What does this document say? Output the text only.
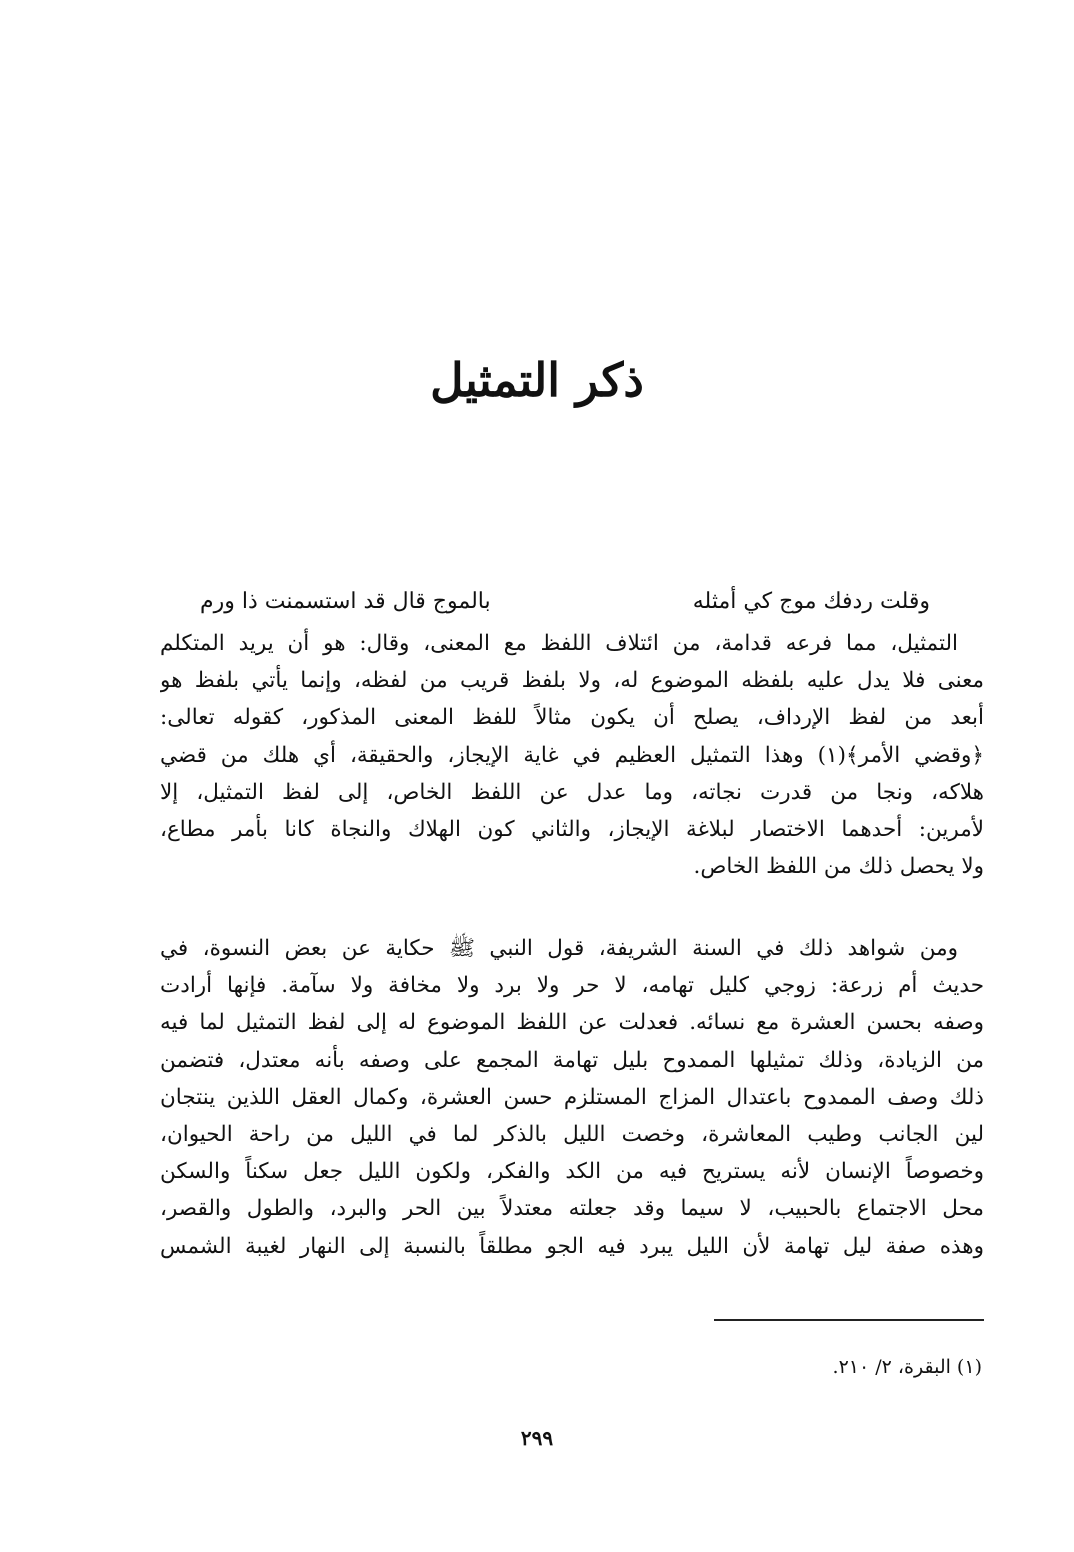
ذكر التمثيل
وقلت ردفك موج كي أمثله
بالموج قال قد استسمنت ذا ورم
التمثيل، مما فرعه قدامة، من ائتلاف اللفظ مع المعنى، وقال: هو أن يريد المتكلم
معنى فلا يدل عليه بلفظه الموضوع له، ولا بلفظ قريب من لفظه، وإنما يأتي بلفظ هو
أبعد من لفظ الإرداف، يصلح أن يكون مثالاً للفظ المعنى المذكور، كقوله تعالى:
﴿وقضي الأمر﴾(١) وهذا التمثيل العظيم في غاية الإيجاز، والحقيقة، أي هلك من قضي
هلاكه، ونجا من قدرت نجاته، وما عدل عن اللفظ الخاص، إلى لفظ التمثيل، إلا
لأمرين: أحدهما الاختصار لبلاغة الإيجاز، والثاني كون الهلاك والنجاة كانا بأمر مطاع،
ولا يحصل ذلك من اللفظ الخاص.
ومن شواهد ذلك في السنة الشريفة، قول النبي ﷺ حكاية عن بعض النسوة، في
حديث أم زرعة: زوجي كليل تهامه، لا حر ولا برد ولا مخافة ولا سآمة. فإنها أرادت
وصفه بحسن العشرة مع نسائه. فعدلت عن اللفظ الموضوع له إلى لفظ التمثيل لما فيه
من الزيادة، وذلك تمثيلها الممدوح بليل تهامة المجمع على وصفه بأنه معتدل، فتضمن
ذلك وصف الممدوح باعتدال المزاج المستلزم حسن العشرة، وكمال العقل اللذين ينتجان
لين الجانب وطيب المعاشرة، وخصت الليل بالذكر لما في الليل من راحة الحيوان،
وخصوصاً الإنسان لأنه يستريح فيه من الكد والفكر، ولكون الليل جعل سكناً والسكن
محل الاجتماع بالحبيب، لا سيما وقد جعلته معتدلاً بين الحر والبرد، والطول والقصر،
وهذه صفة ليل تهامة لأن الليل يبرد فيه الجو مطلقاً بالنسبة إلى النهار لغيبة الشمس
(١) البقرة، ٢/ ٢١٠.
٢٩٩
